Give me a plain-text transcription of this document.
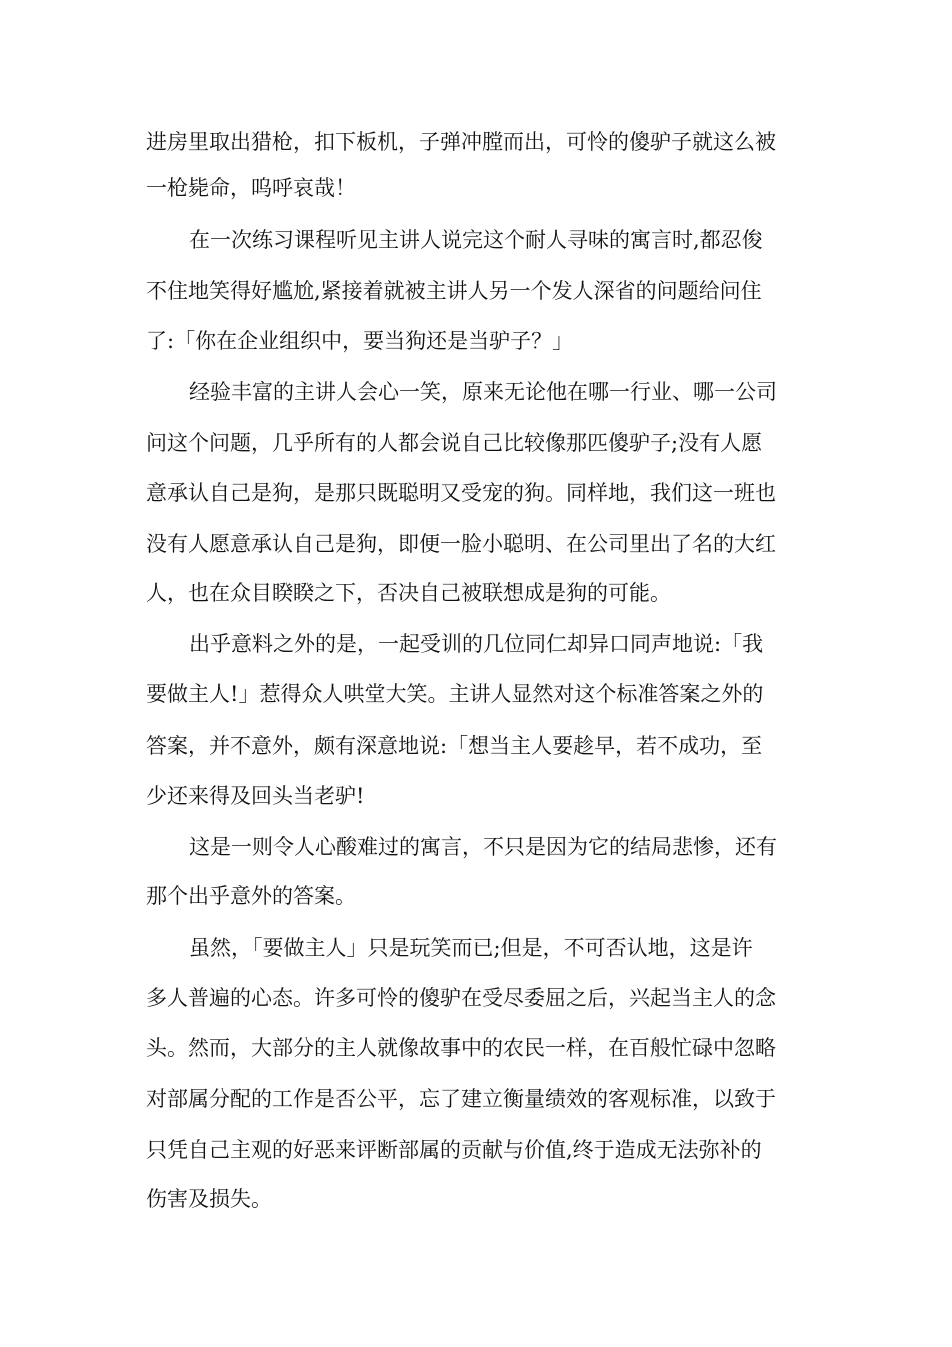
进房里取出猎枪，扣下板机，子弹冲膛而出，可怜的傻驴子就这么被
一枪毙命，呜呼哀哉！
在一次练习课程听见主讲人说完这个耐人寻味的寓言时,都忍俊
不住地笑得好尴尬,紧接着就被主讲人另一个发人深省的问题给问住
了:「你在企业组织中，要当狗还是当驴子？」
经验丰富的主讲人会心一笑，原来无论他在哪一行业、哪一公司
问这个问题，几乎所有的人都会说自己比较像那匹傻驴子;没有人愿
意承认自己是狗，是那只既聪明又受宠的狗。同样地，我们这一班也
没有人愿意承认自己是狗，即便一脸小聪明、在公司里出了名的大红
人，也在众目睽睽之下，否决自己被联想成是狗的可能。
出乎意料之外的是，一起受训的几位同仁却异口同声地说:「我
要做主人!」惹得众人哄堂大笑。主讲人显然对这个标准答案之外的
答案，并不意外，颇有深意地说:「想当主人要趁早，若不成功，至
少还来得及回头当老驴!
这是一则令人心酸难过的寓言，不只是因为它的结局悲惨，还有
那个出乎意外的答案。
虽然，「要做主人」只是玩笑而已;但是，不可否认地，这是许
多人普遍的心态。许多可怜的傻驴在受尽委屈之后，兴起当主人的念
头。然而，大部分的主人就像故事中的农民一样，在百般忙碌中忽略
对部属分配的工作是否公平，忘了建立衡量绩效的客观标准，以致于
只凭自己主观的好恶来评断部属的贡献与价值,终于造成无法弥补的
伤害及损失。
